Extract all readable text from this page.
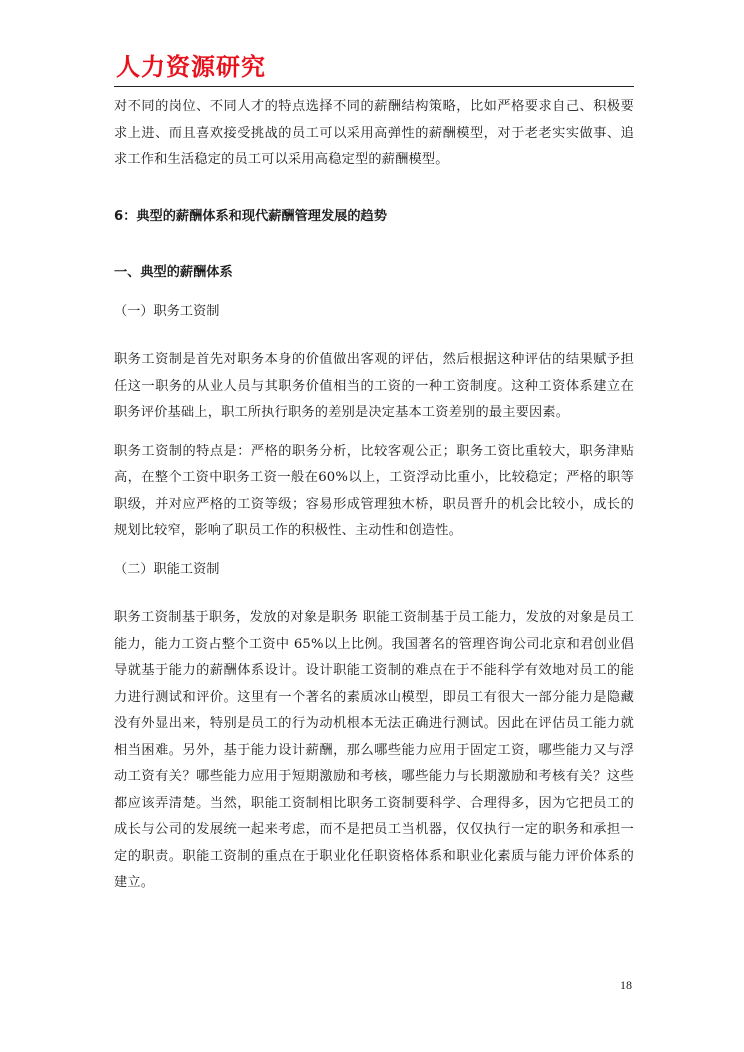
人力资源研究

对不同的岗位、不同人才的特点选择不同的薪酬结构策略，比如严格要求自己、积极要求上进、而且喜欢接受挑战的员工可以采用高弹性的薪酬模型，对于老老实实做事、追求工作和生活稳定的员工可以采用高稳定型的薪酬模型。

6：典型的薪酬体系和现代薪酬管理发展的趋势

一、典型的薪酬体系

（一）职务工资制

职务工资制是首先对职务本身的价值做出客观的评估，然后根据这种评估的结果赋予担任这一职务的从业人员与其职务价值相当的工资的一种工资制度。这种工资体系建立在职务评价基础上，职工所执行职务的差别是决定基本工资差别的最主要因素。

职务工资制的特点是：严格的职务分析，比较客观公正；职务工资比重较大，职务津贴高，在整个工资中职务工资一般在60%以上，工资浮动比重小，比较稳定；严格的职等职级，并对应严格的工资等级；容易形成管理独木桥，职员晋升的机会比较小，成长的规划比较窄，影响了职员工作的积极性、主动性和创造性。

（二）职能工资制

职务工资制基于职务，发放的对象是职务 职能工资制基于员工能力，发放的对象是员工能力，能力工资占整个工资中 65%以上比例。我国著名的管理咨询公司北京和君创业倡导就基于能力的薪酬体系设计。设计职能工资制的难点在于不能科学有效地对员工的能力进行测试和评价。这里有一个著名的素质冰山模型，即员工有很大一部分能力是隐藏没有外显出来，特别是员工的行为动机根本无法正确进行测试。因此在评估员工能力就相当困难。另外，基于能力设计薪酬，那么哪些能力应用于固定工资，哪些能力又与浮动工资有关？哪些能力应用于短期激励和考核，哪些能力与长期激励和考核有关？这些都应该弄清楚。当然，职能工资制相比职务工资制要科学、合理得多，因为它把员工的成长与公司的发展统一起来考虑，而不是把员工当机器，仅仅执行一定的职务和承担一定的职责。职能工资制的重点在于职业化任职资格体系和职业化素质与能力评价体系的建立。

18
